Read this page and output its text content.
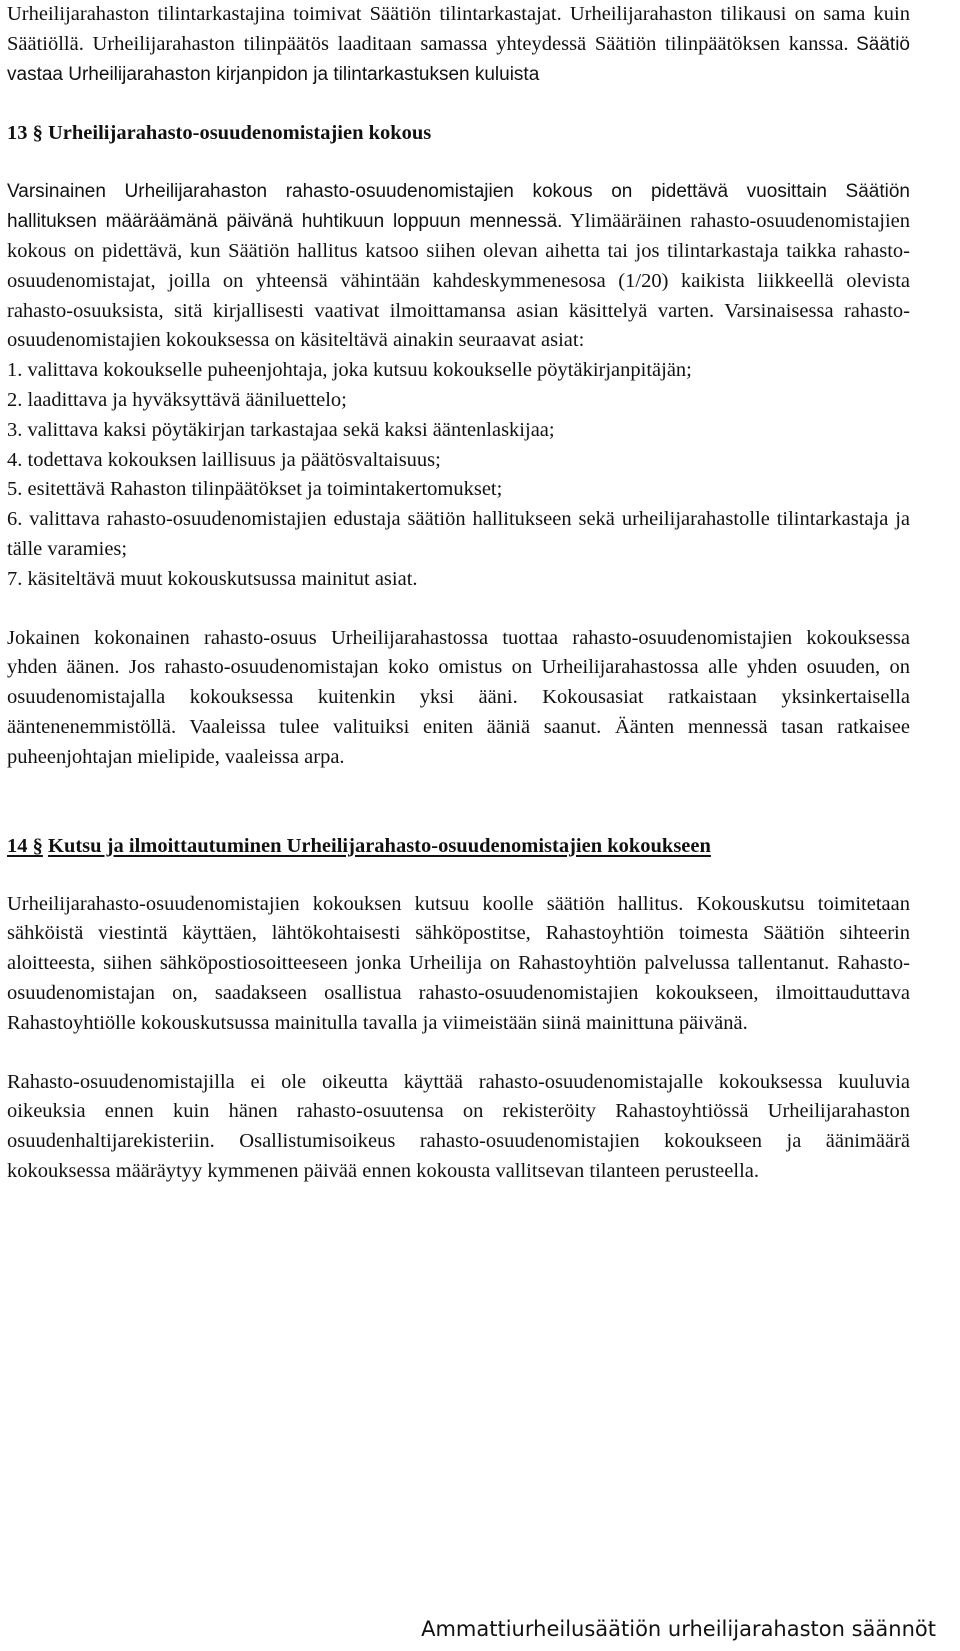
Urheilijarahaston tilintarkastajina toimivat Säätiön tilintarkastajat. Urheilijarahaston tilikausi on sama kuin Säätiöllä. Urheilijarahaston tilinpäätös laaditaan samassa yhteydessä Säätiön tilinpäätöksen kanssa. Säätiö vastaa Urheilijarahaston kirjanpidon ja tilintarkastuksen kuluista

13 § Urheilijarahasto-osuudenomistajien kokous

Varsinainen Urheilijarahaston rahasto-osuudenomistajien kokous on pidettävä vuosittain Säätiön hallituksen määräämänä päivänä huhtikuun loppuun mennessä. Ylimääräinen rahasto-osuudenomistajien kokous on pidettävä, kun Säätiön hallitus katsoo siihen olevan aihetta tai jos tilintarkastaja taikka rahasto-osuudenomistajat, joilla on yhteensä vähintään kahdeskymmenesosa (1/20) kaikista liikkeellä olevista rahasto-osuuksista, sitä kirjallisesti vaativat ilmoittamansa asian käsittelyä varten. Varsinaisessa rahasto-osuudenomistajien kokouksessa on käsiteltävä ainakin seuraavat asiat:

1. valittava kokoukselle puheenjohtaja, joka kutsuu kokoukselle pöytäkirjanpitäjän;
2. laadittava ja hyväksyttävä ääniluettelo;
3. valittava kaksi pöytäkirjan tarkastajaa sekä kaksi ääntenlaskijaa;
4. todettava kokouksen laillisuus ja päätösvaltaisuus;
5. esitettävä Rahaston tilinpäätökset ja toimintakertomukset;
6. valittava rahasto-osuudenomistajien edustaja säätiön hallitukseen sekä urheilijarahastolle tilintarkastaja ja tälle varamies;
7. käsiteltävä muut kokouskutsussa mainitut asiat.

Jokainen kokonainen rahasto-osuus Urheilijarahastossa tuottaa rahasto-osuudenomistajien kokouksessa yhden äänen. Jos rahasto-osuudenomistajan koko omistus on Urheilijarahastossa alle yhden osuuden, on osuudenomistajalla kokouksessa kuitenkin yksi ääni. Kokousasiat ratkaistaan yksinkertaisella ääntenenemmistöllä. Vaaleissa tulee valituiksi eniten ääniä saanut. Äänten mennessä tasan ratkaisee puheenjohtajan mielipide, vaaleissa arpa.

14 § Kutsu ja ilmoittautuminen Urheilijarahasto-osuudenomistajien kokoukseen

Urheilijarahasto-osuudenomistajien kokouksen kutsuu koolle säätiön hallitus. Kokouskutsu toimitetaan sähköistä viestintä käyttäen, lähtökohtaisesti sähköpostitse, Rahastoyhtiön toimesta Säätiön sihteerin aloitteesta, siihen sähköpostiosoitteeseen jonka Urheilija on Rahastoyhtiön palvelussa tallentanut. Rahasto-osuudenomistajan on, saadakseen osallistua rahasto-osuudenomistajien kokoukseen, ilmoittauduttava Rahastoyhtiölle kokouskutsussa mainitulla tavalla ja viimeistään siinä mainittuna päivänä.

Rahasto-osuudenomistajilla ei ole oikeutta käyttää rahasto-osuudenomistajalle kokouksessa kuuluvia oikeuksia ennen kuin hänen rahasto-osuutensa on rekisteröity Rahastoyhtiössä Urheilijarahaston osuudenhaltijarekisteriin. Osallistumisoikeus rahasto-osuudenomistajien kokoukseen ja äänimäärä kokouksessa määräytyy kymmenen päivää ennen kokousta vallitsevan tilanteen perusteella.

Ammattiurheilusäätiön urheilijarahaston säännöt
